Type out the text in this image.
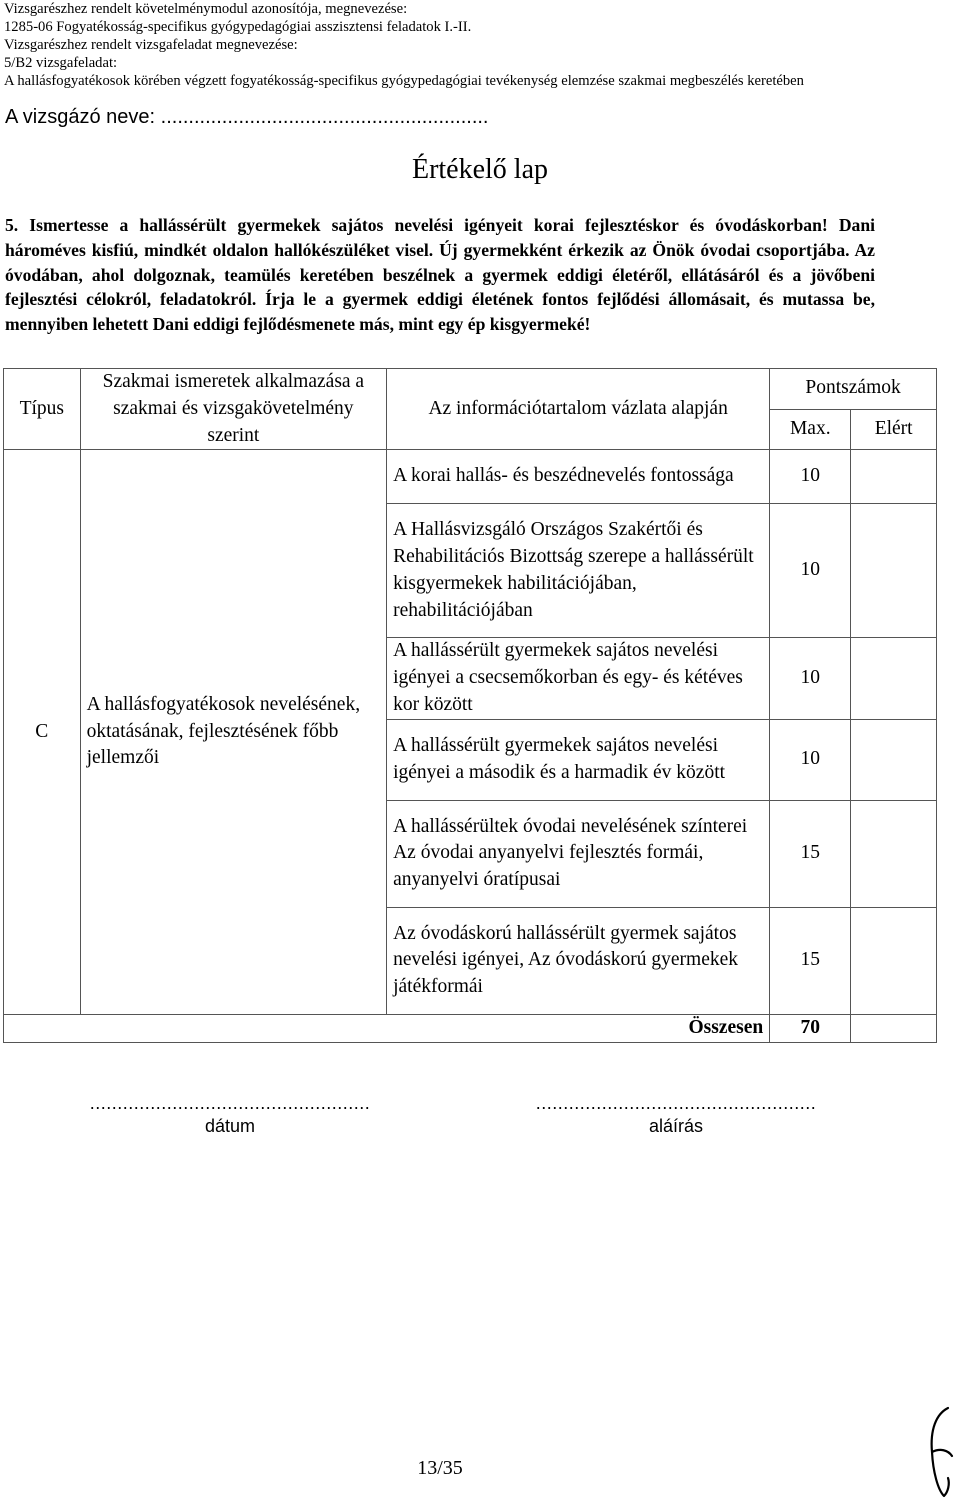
Vizsgarészhez rendelt követelménymodul azonosítója, megnevezése:
1285-06 Fogyatékosság-specifikus gyógypedagógiai asszisztensi feladatok I.-II.
Vizsgarészhez rendelt vizsgafeladat megnevezése:
5/B2 vizsgafeladat:
A hallásfogyatékosok körében végzett fogyatékosság-specifikus gyógypedagógiai tevékenység elemzése szakmai megbeszélés keretében
A vizsgázó neve: ...........................................................
Értékelő lap
5. Ismertesse a hallássérült gyermekek sajátos nevelési igényeit korai fejlesztéskor és óvodáskorban! Dani hároméves kisfiú, mindkét oldalon hallókészüléket visel. Új gyermekként érkezik az Önök óvodai csoportjába. Az óvodában, ahol dolgoznak, teamülés keretében beszélnek a gyermek eddigi életéről, ellátásáról és a jövőbeni fejlesztési célokról, feladatokról. Írja le a gyermek eddigi életének fontos fejlődési állomásait, és mutassa be, mennyiben lehetett Dani eddigi fejlődésmenete más, mint egy ép kisgyermeké!
Típus	Szakmai ismeretek alkalmazása a szakmai és vizsgakövetelmény szerint	Az információtartalom vázlata alapján	Pontszámok	
			Max.	Elért
C	A hallásfogyatékosok nevelésének, oktatásának, fejlesztésének főbb jellemzői	A korai hallás- és beszédnevelés fontossága	10	
		A Hallásvizsgáló Országos Szakértői és Rehabilitációs Bizottság szerepe a hallássérült kisgyermekek habilitációjában, rehabilitációjában	10	
		A hallássérült gyermekek sajátos nevelési igényei a csecsemőkorban és egy- és kétéves kor között	10	
		A hallássérült gyermekek sajátos nevelési igényei a második és a harmadik év között	10	
		A hallássérültek óvodai nevelésének színterei Az óvodai anyanyelvi fejlesztés formái, anyanyelvi óratípusai	15	
		Az óvodáskorú hallássérült gyermek sajátos nevelési igényei, Az óvodáskorú gyermekek játékformái	15	
Összesen			70	
...................................................
dátum
...................................................
aláírás
13/35
